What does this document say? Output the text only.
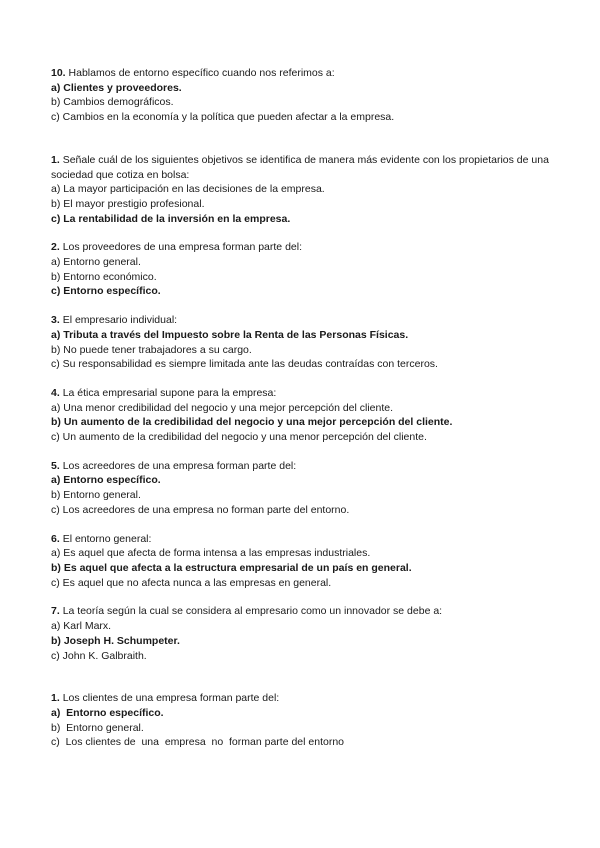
10. Hablamos de entorno específico cuando nos referimos a:

a) Clientes y proveedores.

b) Cambios demográficos.

c) Cambios en la economía y la política que pueden afectar a la empresa.

1. Señale cuál de los siguientes objetivos se identifica de manera más evidente con los propietarios de una sociedad que cotiza en bolsa:

a) La mayor participación en las decisiones de la empresa.

b) El mayor prestigio profesional.

c) La rentabilidad de la inversión en la empresa.

2. Los proveedores de una empresa forman parte del:

a) Entorno general.

b) Entorno económico.

c) Entorno específico.

3. El empresario individual:

a) Tributa a través del Impuesto sobre la Renta de las Personas Físicas.

b) No puede tener trabajadores a su cargo.

c) Su responsabilidad es siempre limitada ante las deudas contraídas con terceros.

4. La ética empresarial supone para la empresa:

a) Una menor credibilidad del negocio y una mejor percepción del cliente.

b) Un aumento de la credibilidad del negocio y una mejor percepción del cliente.

c) Un aumento de la credibilidad del negocio y una menor percepción del cliente.

5. Los acreedores de una empresa forman parte del:

a) Entorno específico.

b) Entorno general.

c) Los acreedores de una empresa no forman parte del entorno.

6. El entorno general:

a) Es aquel que afecta de forma intensa a las empresas industriales.

b) Es aquel que afecta a la estructura empresarial de un país en general.

c) Es aquel que no afecta nunca a las empresas en general.

7. La teoría según la cual se considera al empresario como un innovador se debe a:

a) Karl Marx.

b) Joseph H. Schumpeter.

c) John K. Galbraith.

1. Los clientes de una empresa forman parte del:

a)  Entorno específico.

b)  Entorno general.

c)  Los clientes de  una  empresa  no  forman parte del entorno
